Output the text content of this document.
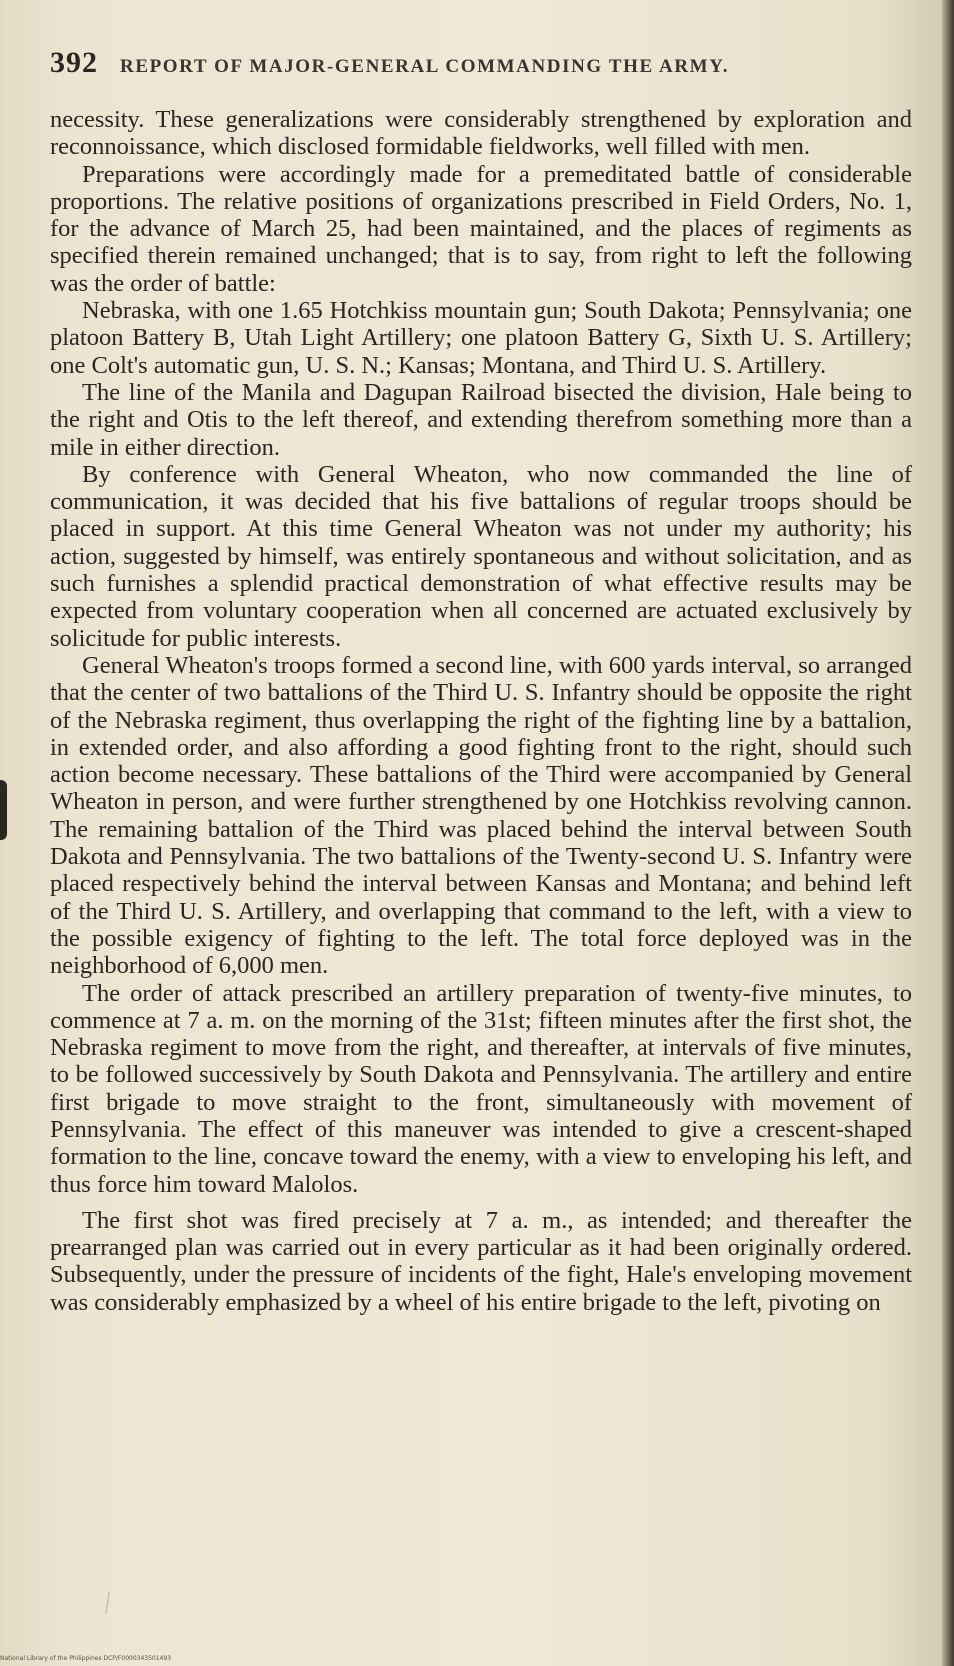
392 REPORT OF MAJOR-GENERAL COMMANDING THE ARMY.

necessity. These generalizations were considerably strengthened by exploration and reconnoissance, which disclosed formidable fieldworks, well filled with men.

Preparations were accordingly made for a premeditated battle of considerable proportions. The relative positions of organizations prescribed in Field Orders, No. 1, for the advance of March 25, had been maintained, and the places of regiments as specified therein remained unchanged; that is to say, from right to left the following was the order of battle:

Nebraska, with one 1.65 Hotchkiss mountain gun; South Dakota; Pennsylvania; one platoon Battery B, Utah Light Artillery; one platoon Battery G, Sixth U. S. Artillery; one Colt's automatic gun, U. S. N.; Kansas; Montana, and Third U. S. Artillery.

The line of the Manila and Dagupan Railroad bisected the division, Hale being to the right and Otis to the left thereof, and extending therefrom something more than a mile in either direction.

By conference with General Wheaton, who now commanded the line of communication, it was decided that his five battalions of regular troops should be placed in support. At this time General Wheaton was not under my authority; his action, suggested by himself, was entirely spontaneous and without solicitation, and as such furnishes a splendid practical demonstration of what effective results may be expected from voluntary cooperation when all concerned are actuated exclusively by solicitude for public interests.

General Wheaton's troops formed a second line, with 600 yards interval, so arranged that the center of two battalions of the Third U. S. Infantry should be opposite the right of the Nebraska regiment, thus overlapping the right of the fighting line by a battalion, in extended order, and also affording a good fighting front to the right, should such action become necessary. These battalions of the Third were accompanied by General Wheaton in person, and were further strengthened by one Hotchkiss revolving cannon. The remaining battalion of the Third was placed behind the interval between South Dakota and Pennsylvania. The two battalions of the Twenty-second U. S. Infantry were placed respectively behind the interval between Kansas and Montana; and behind left of the Third U. S. Artillery, and overlapping that command to the left, with a view to the possible exigency of fighting to the left. The total force deployed was in the neighborhood of 6,000 men.

The order of attack prescribed an artillery preparation of twenty-five minutes, to commence at 7 a. m. on the morning of the 31st; fifteen minutes after the first shot, the Nebraska regiment to move from the right, and thereafter, at intervals of five minutes, to be followed successively by South Dakota and Pennsylvania. The artillery and entire first brigade to move straight to the front, simultaneously with movement of Pennsylvania. The effect of this maneuver was intended to give a crescent-shaped formation to the line, concave toward the enemy, with a view to enveloping his left, and thus force him toward Malolos.

The first shot was fired precisely at 7 a. m., as intended; and thereafter the prearranged plan was carried out in every particular as it had been originally ordered. Subsequently, under the pressure of incidents of the fight, Hale's enveloping movement was considerably emphasized by a wheel of his entire brigade to the left, pivoting on

National Library of the Philippines DCP/F0000343501493
